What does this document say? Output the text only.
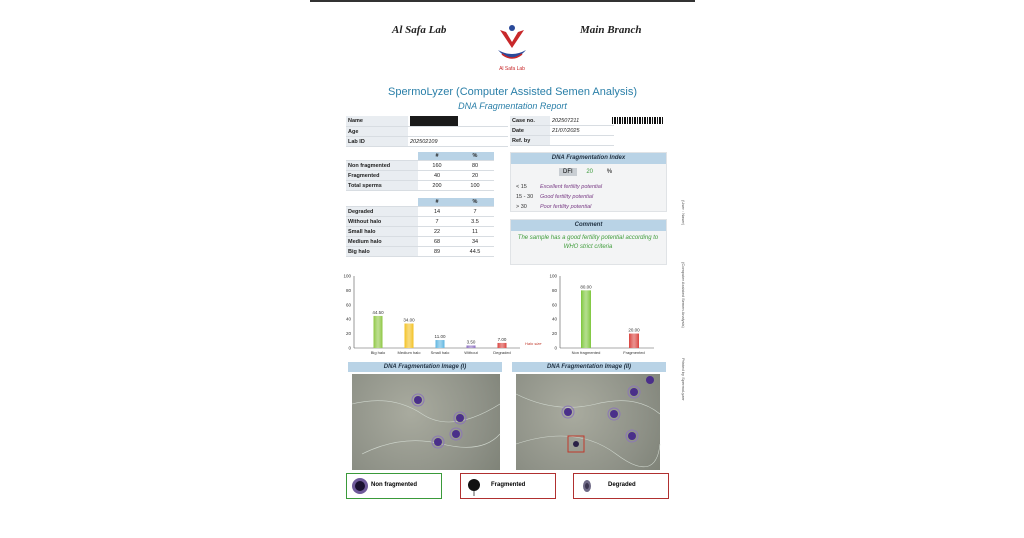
Al Safa Lab	Main Branch
Al Safa Lab
SpermoLyzer (Computer Assisted Semen Analysis)
DNA Fragmentation Report
Name	
Age	
Lab ID	202502109
Case no.	202507211
Date	21/07/2025
Ref. by	
	#	%
Non fragmented	160	80
Fragmented	40	20
Total sperms	200	100
	#	%
Degraded	14	7
Without halo	7	3.5
Small halo	22	11
Medium halo	68	34
Big halo	89	44.5
DNA Fragmentation Index
DFI 20 %
< 15 Excellent fertility potential
15 - 30 Good fertility potential
> 30 Poor fertility potential
Comment
The sample has a good fertility potential according to WHO strict criteria
(User : Naser)
(Computer Assisted Semen Analysis)
Printed by SpermoLyzer
0
20
40
60
80
100
44.50
Big halo
34.00
Medium halo
11.00
Small halo
3.50
Without
7.00
Degraded
Halo size
0
20
40
60
80
100
80.00
Non fragmented
20.00
Fragmented
DNA Fragmentation Image (I)	DNA Fragmentation Image (II)
Non fragmented	Fragmented	Degraded
